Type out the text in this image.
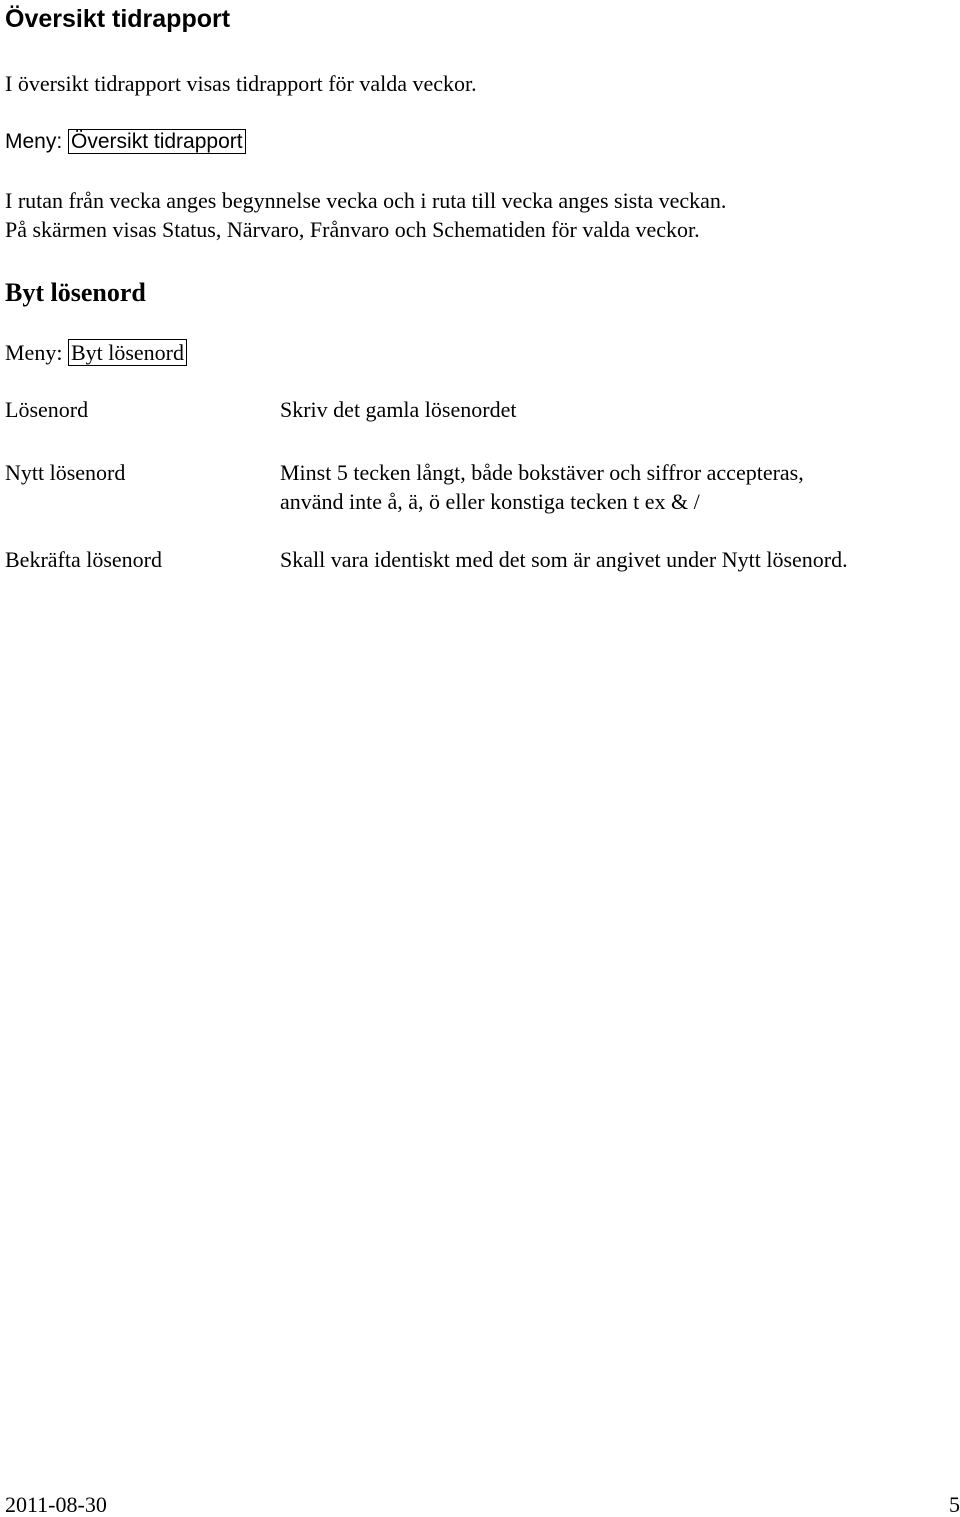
Översikt tidrapport
I översikt tidrapport visas tidrapport för valda veckor.
Meny: Översikt tidrapport
I rutan från vecka anges begynnelse vecka och i ruta till vecka anges sista veckan.
På skärmen visas Status, Närvaro, Frånvaro och Schematiden för valda veckor.
Byt lösenord
Meny: Byt lösenord
Lösenord	Skriv det gamla lösenordet
Nytt lösenord	Minst 5 tecken långt, både bokstäver och siffror accepteras,
använd inte å, ä, ö eller konstiga tecken t ex & /
Bekräfta lösenord	Skall vara identiskt med det som är angivet under Nytt lösenord.
2011-08-30	5
